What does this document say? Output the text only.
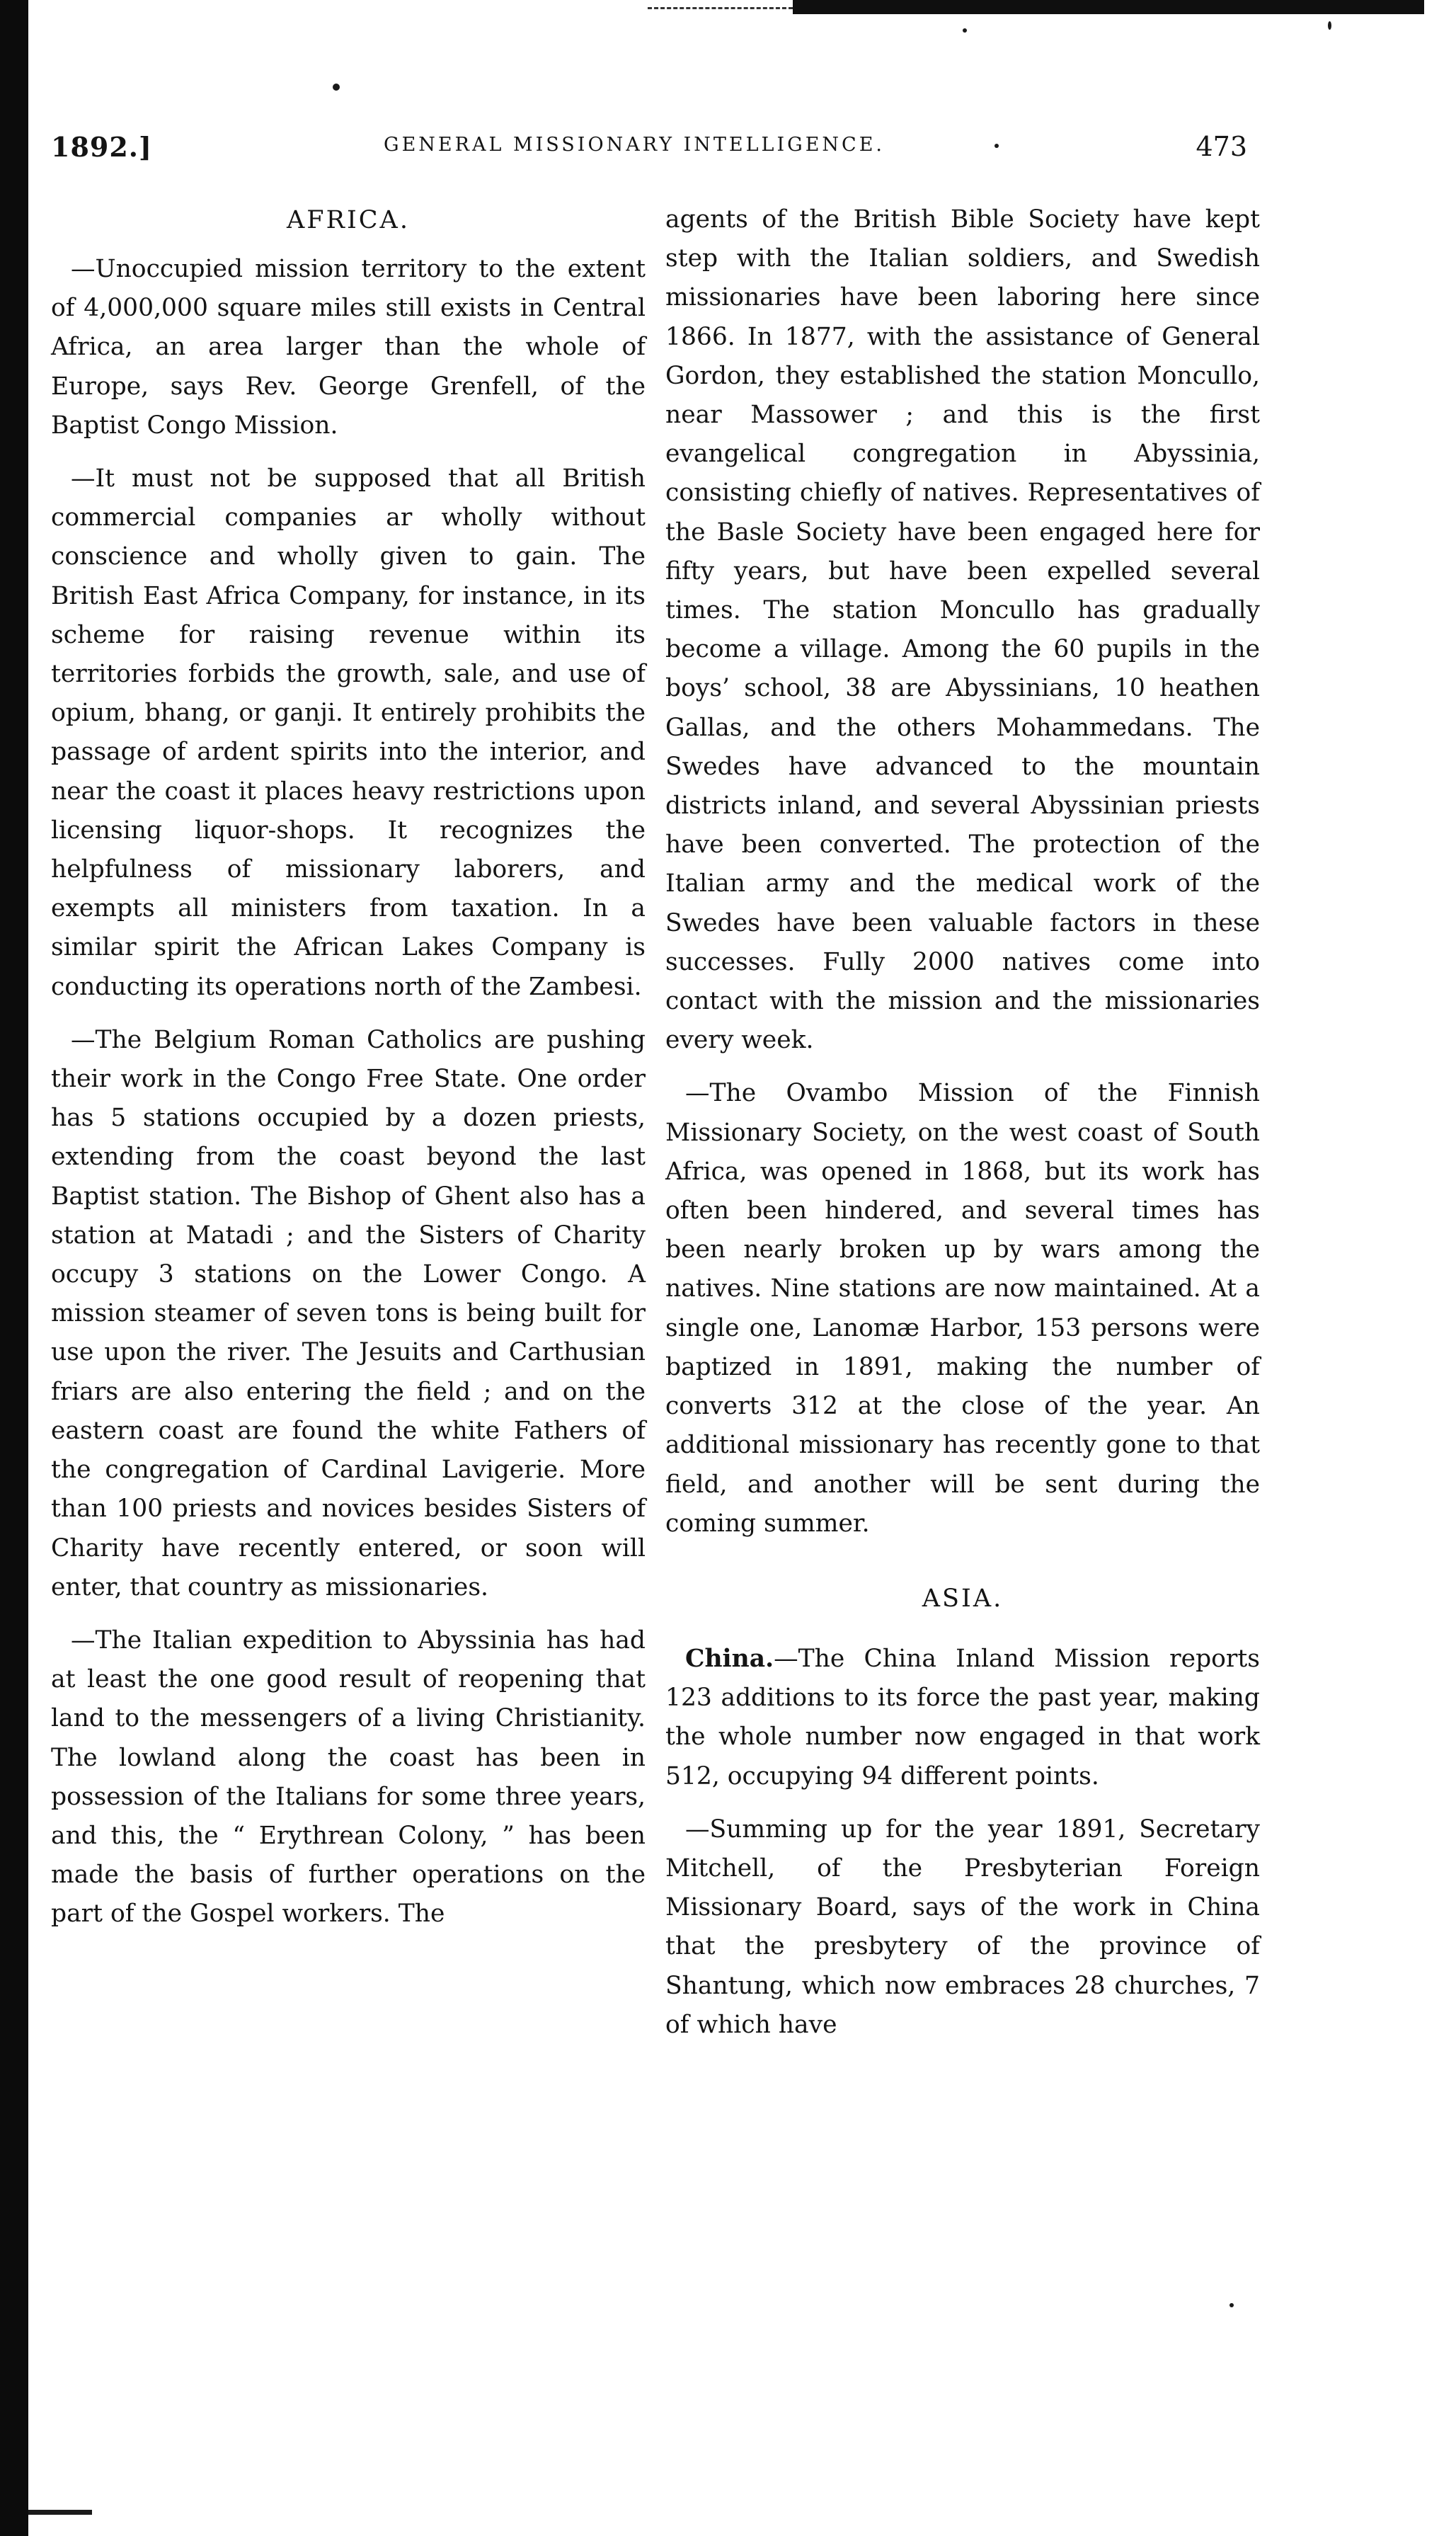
1892.]	GENERAL MISSIONARY INTELLIGENCE.	473
AFRICA.

—Unoccupied mission territory to the extent of 4,000,000 square miles still exists in Central Africa, an area larger than the whole of Europe, says Rev. George Grenfell, of the Baptist Congo Mission.

—It must not be supposed that all British commercial companies ar wholly without conscience and wholly given to gain. The British East Africa Company, for instance, in its scheme for raising revenue within its territories forbids the growth, sale, and use of opium, bhang, or ganji. It entirely prohibits the passage of ardent spirits into the interior, and near the coast it places heavy restrictions upon licensing liquor-shops. It recognizes the helpfulness of missionary laborers, and exempts all ministers from taxation. In a similar spirit the African Lakes Company is conducting its operations north of the Zambesi.

—The Belgium Roman Catholics are pushing their work in the Congo Free State. One order has 5 stations occupied by a dozen priests, extending from the coast beyond the last Baptist station. The Bishop of Ghent also has a station at Matadi ; and the Sisters of Charity occupy 3 stations on the Lower Congo. A mission steamer of seven tons is being built for use upon the river. The Jesuits and Carthusian friars are also entering the field ; and on the eastern coast are found the white Fathers of the congregation of Cardinal Lavigerie. More than 100 priests and novices besides Sisters of Charity have recently entered, or soon will enter, that country as missionaries.

—The Italian expedition to Abyssinia has had at least the one good result of reopening that land to the messengers of a living Christianity. The lowland along the coast has been in possession of the Italians for some three years, and this, the “ Erythrean Colony, ” has been made the basis of further operations on the part of the Gospel workers. The

agents of the British Bible Society have kept step with the Italian soldiers, and Swedish missionaries have been laboring here since 1866. In 1877, with the assistance of General Gordon, they established the station Moncullo, near Massower ; and this is the first evangelical congregation in Abyssinia, consisting chiefly of natives. Representatives of the Basle Society have been engaged here for fifty years, but have been expelled several times. The station Moncullo has gradually become a village. Among the 60 pupils in the boys’ school, 38 are Abyssinians, 10 heathen Gallas, and the others Mohammedans. The Swedes have advanced to the mountain districts inland, and several Abyssinian priests have been converted. The protection of the Italian army and the medical work of the Swedes have been valuable factors in these successes. Fully 2000 natives come into contact with the mission and the missionaries every week.

—The Ovambo Mission of the Finnish Missionary Society, on the west coast of South Africa, was opened in 1868, but its work has often been hindered, and several times has been nearly broken up by wars among the natives. Nine stations are now maintained. At a single one, Lanomæ Harbor, 153 persons were baptized in 1891, making the number of converts 312 at the close of the year. An additional missionary has recently gone to that field, and another will be sent during the coming summer.

ASIA.

China.—The China Inland Mission reports 123 additions to its force the past year, making the whole number now engaged in that work 512, occupying 94 different points.

—Summing up for the year 1891, Secretary Mitchell, of the Presbyterian Foreign Missionary Board, says of the work in China that the presbytery of the province of Shantung, which now embraces 28 churches, 7 of which have
